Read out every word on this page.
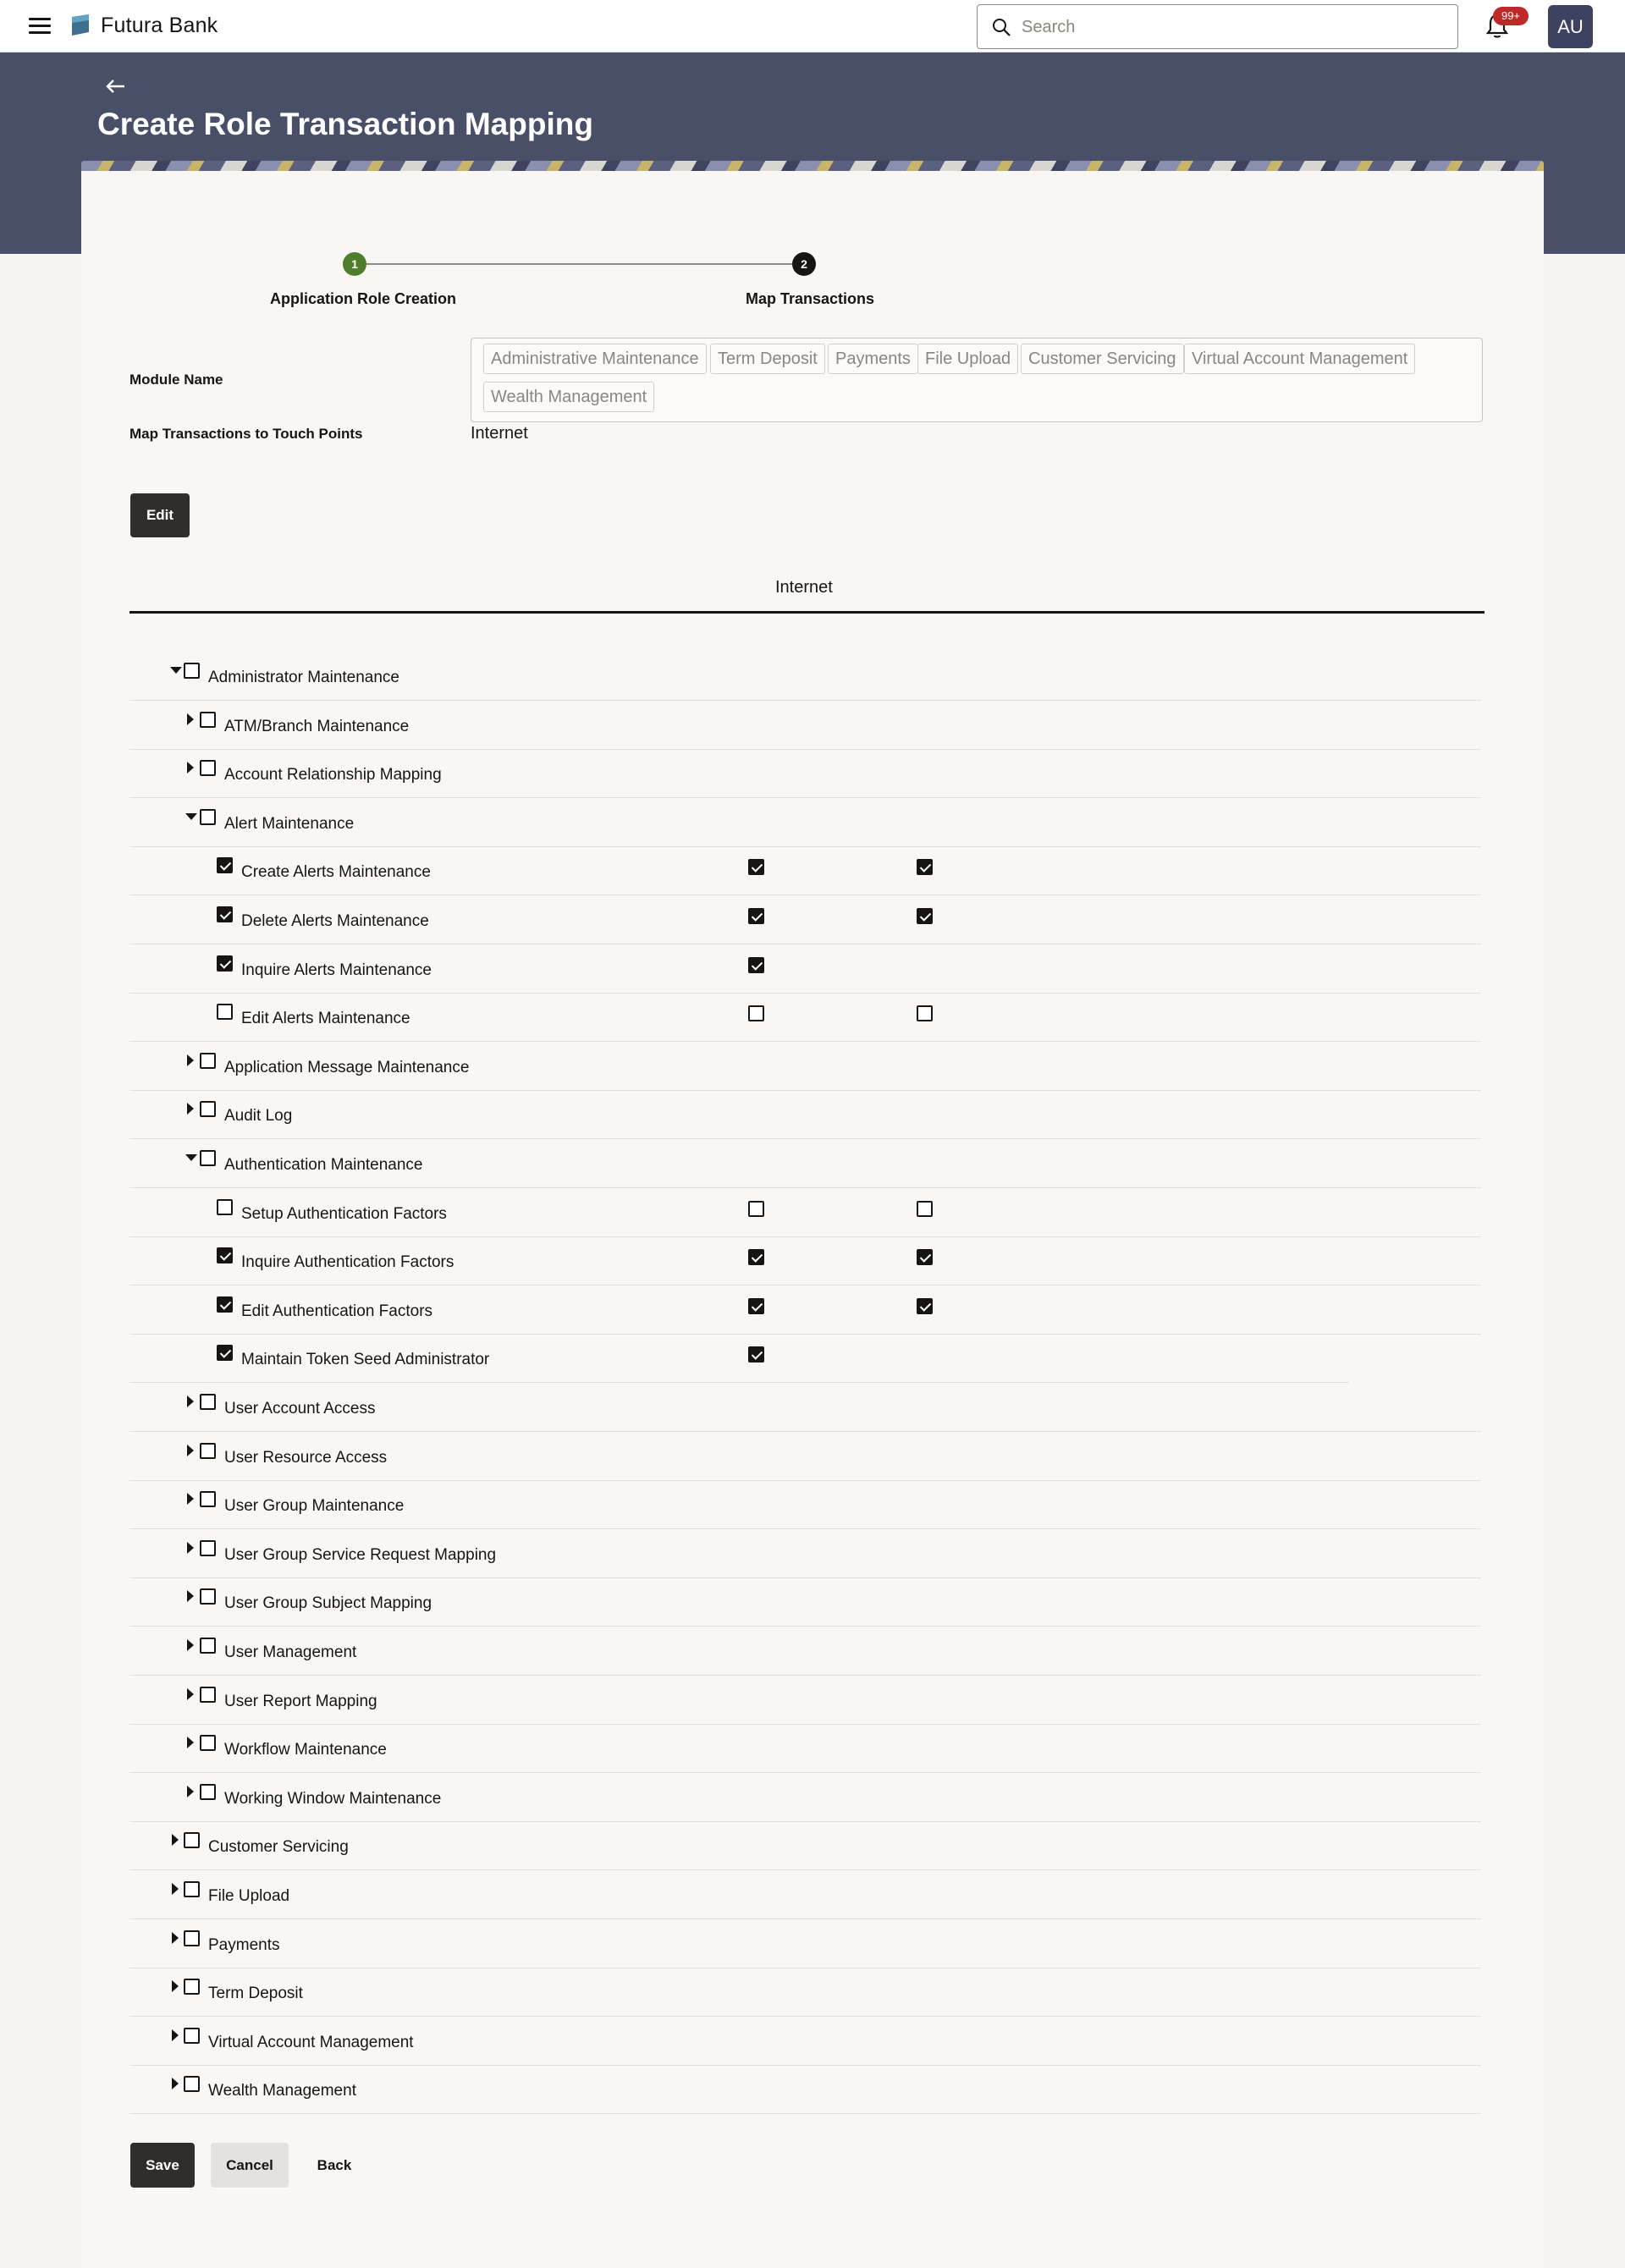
Futura Bank
Search	99+
AU
Create Role Transaction Mapping
1	2
Application Role Creation	Map Transactions
Module Name
Administrative Maintenance	Term Deposit	Payments File Upload	Customer Servicing Virtual Account Management
Wealth Management
Map Transactions to Touch Points	Internet
Edit
Internet
Administrator Maintenance
ATM/Branch Maintenance
Account Relationship Mapping
Alert Maintenance
Create Alerts Maintenance
Delete Alerts Maintenance
Inquire Alerts Maintenance
Edit Alerts Maintenance
Application Message Maintenance
Audit Log
Authentication Maintenance
Setup Authentication Factors
Inquire Authentication Factors
Edit Authentication Factors
Maintain Token Seed Administrator
User Account Access
User Resource Access
User Group Maintenance
User Group Service Request Mapping
User Group Subject Mapping
User Management
User Report Mapping
Workflow Maintenance
Working Window Maintenance
Customer Servicing
File Upload
Payments
Term Deposit
Virtual Account Management
Wealth Management
Save	Cancel	Back
